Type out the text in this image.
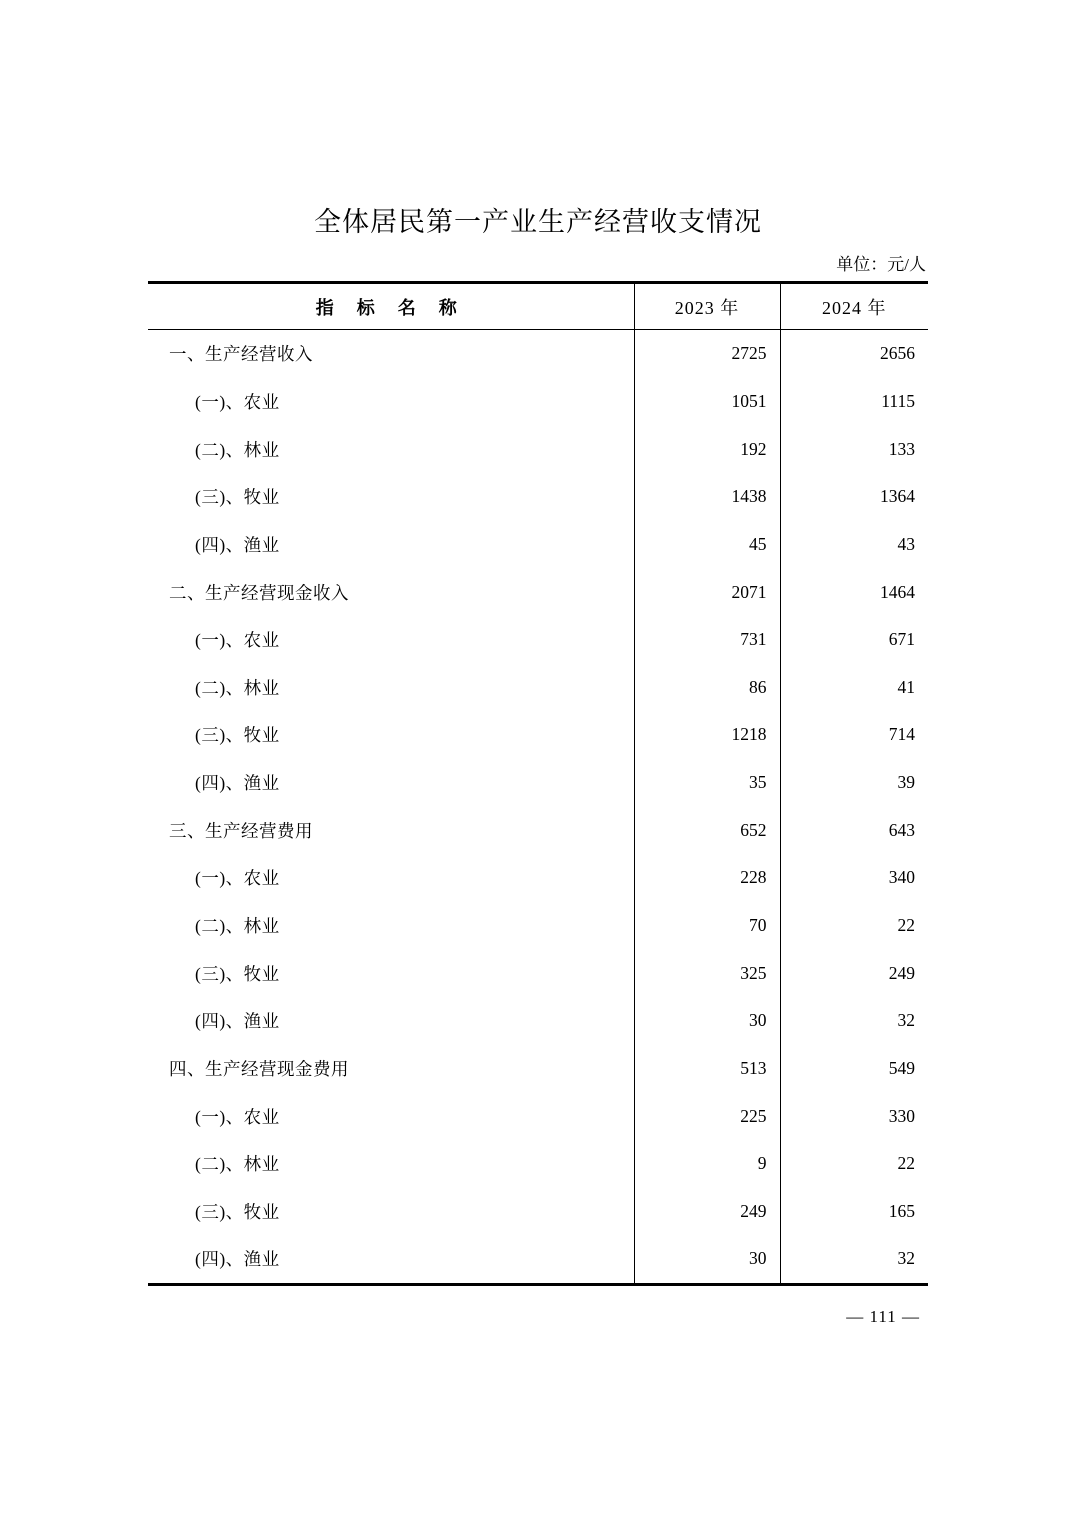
全体居民第一产业生产经营收支情况
单位：元/人
指 标 名 称	2023 年	2024 年
一、生产经营收入	2725	2656
(一)、农业	1051	1115
(二)、林业	192	133
(三)、牧业	1438	1364
(四)、渔业	45	43
二、生产经营现金收入	2071	1464
(一)、农业	731	671
(二)、林业	86	41
(三)、牧业	1218	714
(四)、渔业	35	39
三、生产经营费用	652	643
(一)、农业	228	340
(二)、林业	70	22
(三)、牧业	325	249
(四)、渔业	30	32
四、生产经营现金费用	513	549
(一)、农业	225	330
(二)、林业	9	22
(三)、牧业	249	165
(四)、渔业	30	32
— 111 —
